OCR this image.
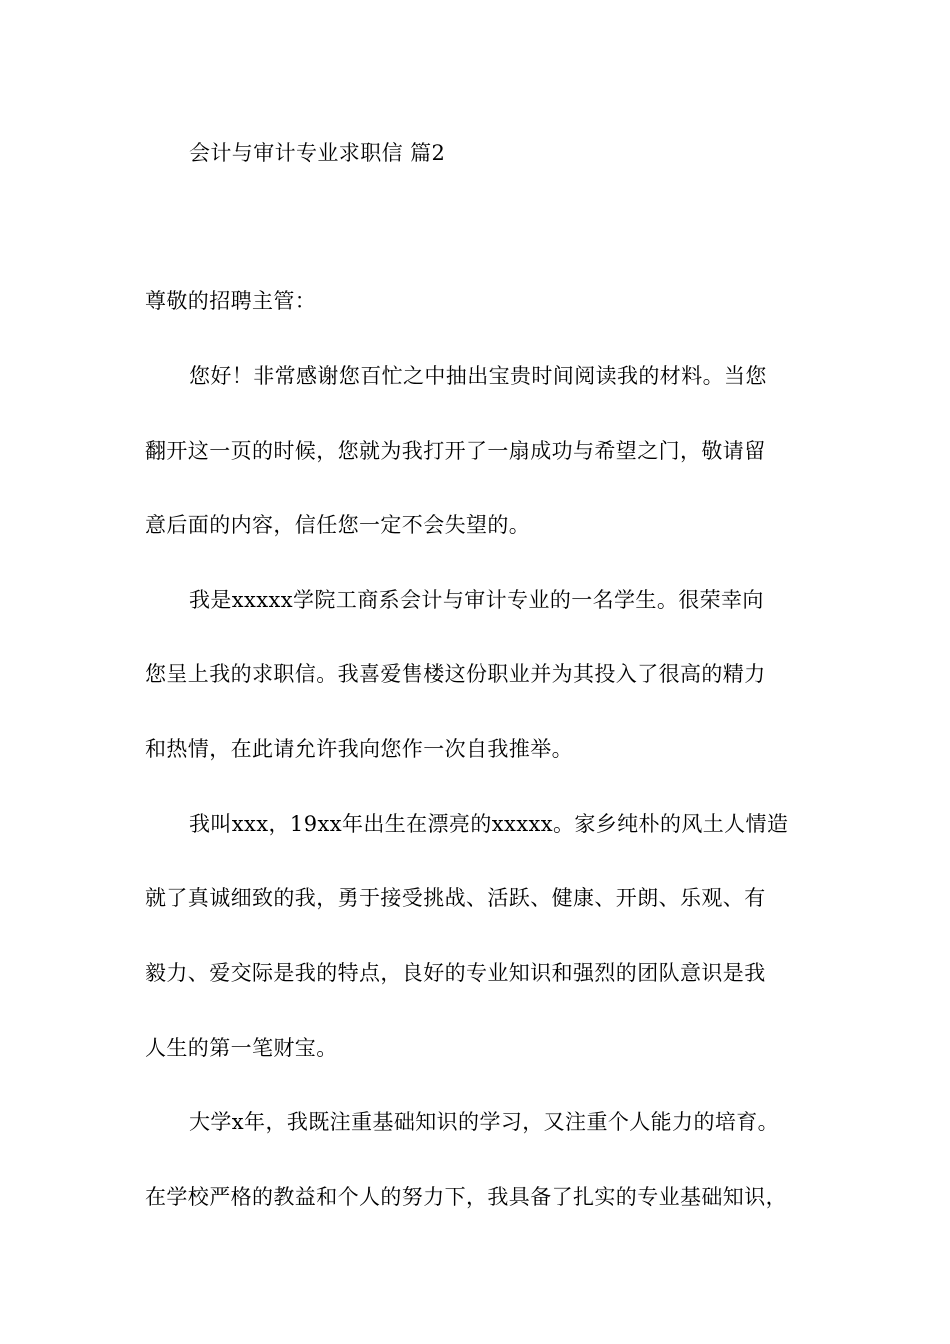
会计与审计专业求职信 篇2
尊敬的招聘主管：
您好！非常感谢您百忙之中抽出宝贵时间阅读我的材料。当您
翻开这一页的时候，您就为我打开了一扇成功与希望之门，敬请留
意后面的内容，信任您一定不会失望的。
我是xxxxx学院工商系会计与审计专业的一名学生。很荣幸向
您呈上我的求职信。我喜爱售楼这份职业并为其投入了很高的精力
和热情，在此请允许我向您作一次自我推举。
我叫xxx，19xx年出生在漂亮的xxxxx。家乡纯朴的风土人情造
就了真诚细致的我，勇于接受挑战、活跃、健康、开朗、乐观、有
毅力、爱交际是我的特点，良好的专业知识和强烈的团队意识是我
人生的第一笔财宝。
大学x年，我既注重基础知识的学习，又注重个人能力的培育。
在学校严格的教益和个人的努力下，我具备了扎实的专业基础知识，
